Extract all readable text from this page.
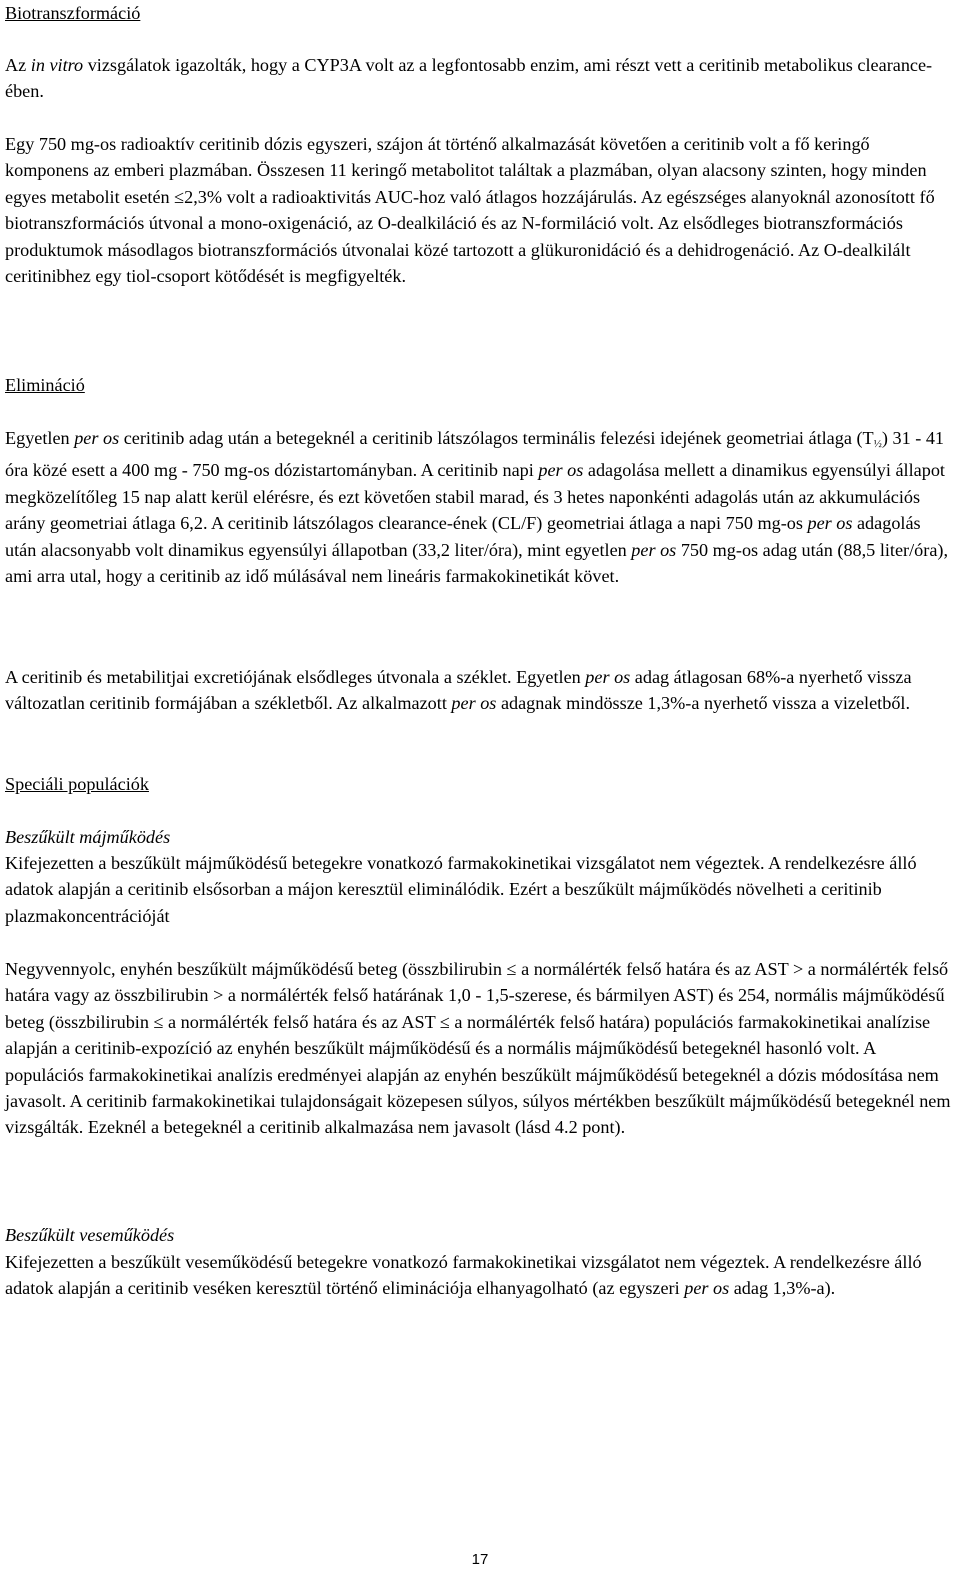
Biotranszformáció

Az in vitro vizsgálatok igazolták, hogy a CYP3A volt az a legfontosabb enzim, ami részt vett a ceritinib metabolikus clearance-ében.

Egy 750 mg-os radioaktív ceritinib dózis egyszeri, szájon át történő alkalmazását követően a ceritinib volt a fő keringő komponens az emberi plazmában. Összesen 11 keringő metabolitot találtak a plazmában, olyan alacsony szinten, hogy minden egyes metabolit esetén ≤2,3% volt a radioaktivitás AUC-hoz való átlagos hozzájárulás. Az egészséges alanyoknál azonosított fő biotranszformációs útvonal a mono-oxigenáció, az O-dealkiláció és az N-formiláció volt. Az elsődleges biotranszformációs produktumok másodlagos biotranszformációs útvonalai közé tartozott a glükuronidáció és a dehidrogenáció. Az O-dealkilált ceritinibhez egy tiol-csoport kötődését is megfigyelték.

Elimináció

Egyetlen per os ceritinib adag után a betegeknél a ceritinib látszólagos terminális felezési idejének geometriai átlaga $(T_{\frac{1}{2}})$ 31 - 41 óra közé esett a 400 mg - 750 mg-os dózistartományban. A ceritinib napi per os adagolása mellett a dinamikus egyensúlyi állapot megközelítőleg 15 nap alatt kerül elérésre, és ezt követően stabil marad, és 3 hetes naponkénti adagolás után az akkumulációs arány geometriai átlaga 6,2. A ceritinib látszólagos clearance-ének (CL/F) geometriai átlaga a napi 750 mg-os per os adagolás után alacsonyabb volt dinamikus egyensúlyi állapotban (33,2 liter/óra), mint egyetlen per os 750 mg-os adag után (88,5 liter/óra), ami arra utal, hogy a ceritinib az idő múlásával nem lineáris farmakokinetikát követ.

A ceritinib és metabilitjai excretiójának elsődleges útvonala a széklet. Egyetlen per os adag átlagosan 68%-a nyerhető vissza változatlan ceritinib formájában a székletből. Az alkalmazott per os adagnak mindössze 1,3%-a nyerhető vissza a vizeletből.

Speciáli populációk
Beszűkült májműködés

Kifejezetten a beszűkült májműködésű betegekre vonatkozó farmakokinetikai vizsgálatot nem végeztek. A rendelkezésre álló adatok alapján a ceritinib elsősorban a májon keresztül eliminálódik. Ezért a beszűkült májműködés növelheti a ceritinib plazmakoncentrációját

Negyvennyolc, enyhén beszűkült májműködésű beteg (összbilirubin ≤ a normálérték felső határa és az AST > a normálérték felső határa vagy az összbilirubin > a normálérték felső határának 1,0 - 1,5-szerese, és bármilyen AST) és 254, normális májműködésű beteg (összbilirubin ≤ a normálérték felső határa és az AST ≤ a normálérték felső határa) populációs farmakokinetikai analízise alapján a ceritinib-expozíció az enyhén beszűkült májműködésű és a normális májműködésű betegeknél hasonló volt. A populációs farmakokinetikai analízis eredményei alapján az enyhén beszűkült májműködésű betegeknél a dózis módosítása nem javasolt. A ceritinib farmakokinetikai tulajdonságait közepesen súlyos, súlyos mértékben beszűkült májműködésű betegeknél nem vizsgálták. Ezeknél a betegeknél a ceritinib alkalmazása nem javasolt (lásd 4.2 pont).

Beszűkült veseműködés

Kifejezetten a beszűkült veseműködésű betegekre vonatkozó farmakokinetikai vizsgálatot nem végeztek. A rendelkezésre álló adatok alapján a ceritinib veséken keresztül történő eliminációja elhanyagolható (az egyszeri per os adag 1,3%-a).

17
